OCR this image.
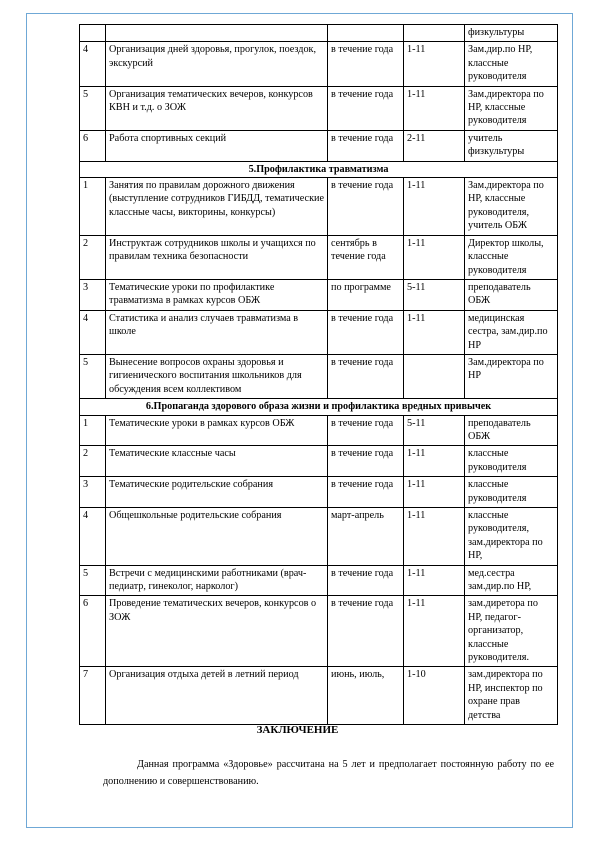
				физкультуры
4	Организация дней здоровья, прогулок, поездок, экскурсий	в течение года	1-11	Зам.дир.по НР, классные руководителя
5	Организация тематических вечеров, конкурсов КВН и т.д. о ЗОЖ	в течение года	1-11	Зам.директора по НР, классные руководителя
6	Работа спортивных секций	в течение года	2-11	учитель физкультуры
5.Профилактика травматизма				
1	Занятия по правилам дорожного движения (выступление сотрудников ГИБДД, тематические классные часы, викторины, конкурсы)	в течение года	1-11	Зам.директора по НР, классные руководителя, учитель ОБЖ
2	Инструктаж сотрудников школы и учащихся по правилам техника безопасности	сентябрь в течение года	1-11	Директор школы, классные руководителя
3	Тематические уроки по профилактике травматизма в рамках курсов ОБЖ	по программе	5-11	преподаватель ОБЖ
4	Статистика и анализ случаев травматизма в школе	в течение года	1-11	медицинская сестра, зам.дир.по НР
5	Вынесение вопросов охраны здоровья и гигиенического воспитания школьников для обсуждения всем коллективом	в течение года		Зам.директора по НР
6.Пропаганда здорового образа жизни и профилактика вредных привычек				
1	Тематические уроки в рамках курсов ОБЖ	в течение года	5-11	преподаватель ОБЖ
2	Тематические классные часы	в течение года	1-11	классные руководителя
3	Тематические родительские собрания	в течение года	1-11	классные руководителя
4	Общешкольные родительские собрания	март-апрель	1-11	классные руководителя, зам.директора по НР,
5	Встречи с медицинскими работниками (врач-педиатр, гинеколог, нарколог)	в течение года	1-11	мед.сестра зам.дир.по НР,
6	Проведение тематических вечеров, конкурсов о ЗОЖ	в течение года	1-11	зам.диретора по НР, педагог-организатор, классные руководителя.
7	Организация отдыха детей в летний период	июнь, июль,	1-10	зам.директора по НР, инспектор по охране прав детства
ЗАКЛЮЧЕНИЕ

Данная программа «Здоровье» рассчитана на 5 лет и предполагает постоянную работу по ее дополнению и совершенствованию.
